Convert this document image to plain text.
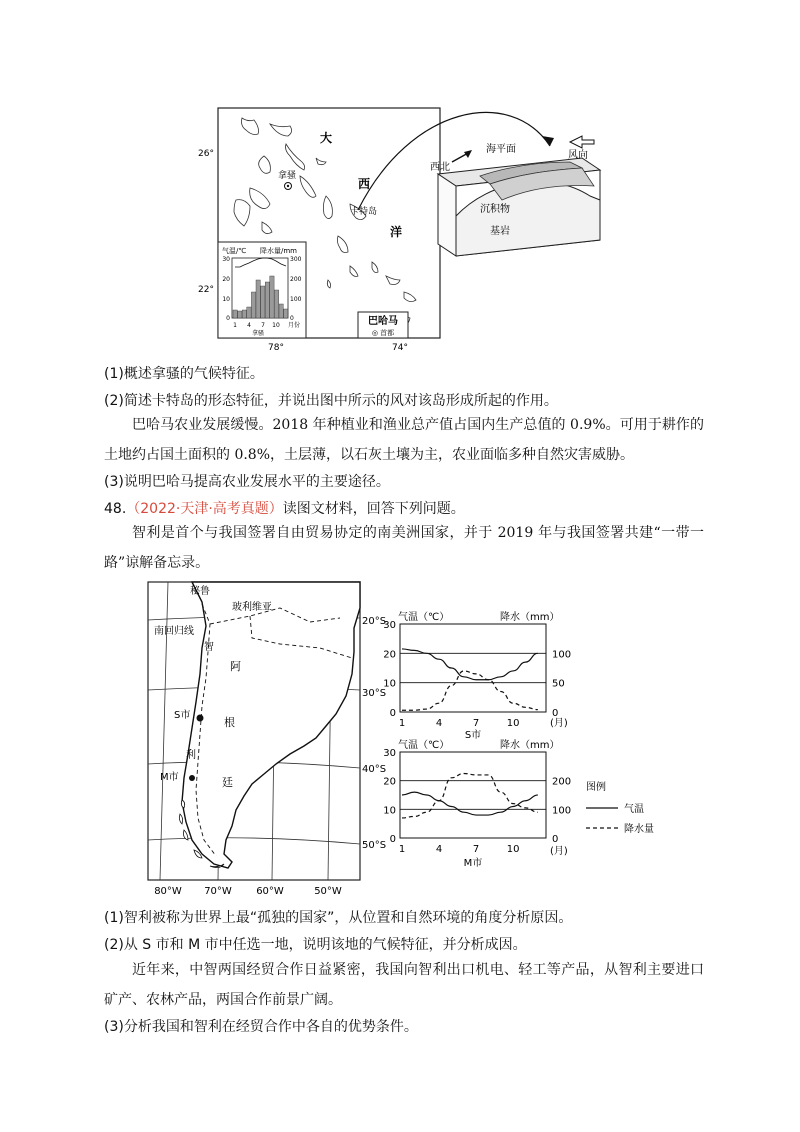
26°
22°
78°	74°
大
西
洋
拿骚
卡特岛
气温/℃ 降水量/mm
30
20
10
0
300
200
100
0
1 4 7 10 月份
拿骚
巴哈马
◎ 首都
西北
海平面
风向
沉积物
基岩
(1)概述拿骚的气候特征。
(2)简述卡特岛的形态特征，并说出图中所示的风对该岛形成所起的作用。
巴哈马农业发展缓慢。2018 年种植业和渔业总产值占国内生产总值的 0.9%。可用于耕作的土地约占国土面积的 0.8%，土层薄，以石灰土壤为主，农业面临多种自然灾害威胁。
(3)说明巴哈马提高农业发展水平的主要途径。
48.（2022·天津·高考真题）读图文材料，回答下列问题。
智利是首个与我国签署自由贸易协定的南美洲国家，并于 2019 年与我国签署共建“一带一路”谅解备忘录。
秘鲁
玻利维亚
南回归线
智
利
阿
根
廷
S市
M市
20°S
30°S
40°S
50°S
80°W 70°W 60°W	50°W
气温（℃）	降水（mm）
0
10
20
30
0
50
100
1	4	7	10	(月)
S市
气温（℃）	降水（mm）
0
10
20
30
0
100
200
1	4	7	10	(月)
M市
图例
气温
降水量
(1)智利被称为世界上最“孤独的国家”，从位置和自然环境的角度分析原因。
(2)从 S 市和 M 市中任选一地，说明该地的气候特征，并分析成因。
近年来，中智两国经贸合作日益紧密，我国向智利出口机电、轻工等产品，从智利主要进口矿产、农林产品，两国合作前景广阔。
(3)分析我国和智利在经贸合作中各自的优势条件。
